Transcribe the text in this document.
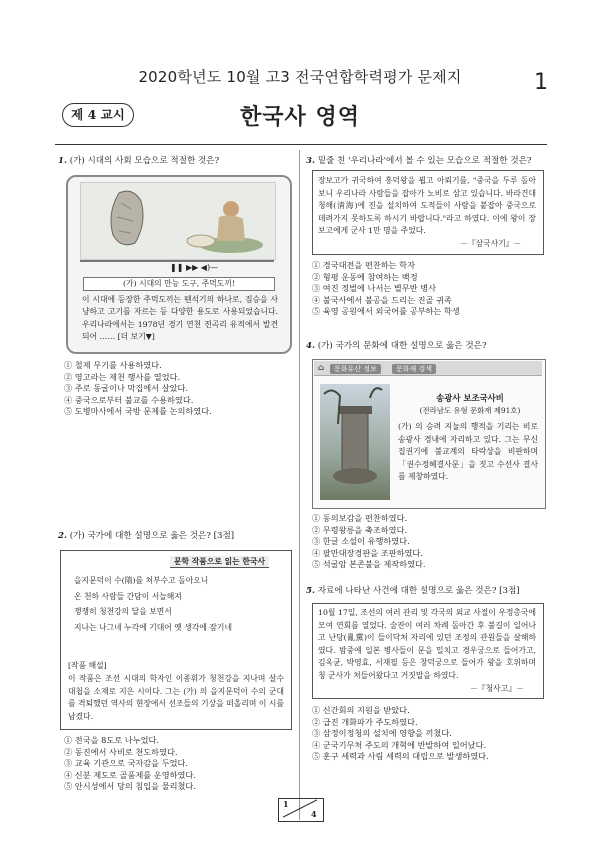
2020학년도 10월 고3 전국연합학력평가 문제지	1
제 4 교시	한국사 영역
1. (가) 시대의 사회 모습으로 적절한 것은?
❚❚ ▶▶ ◀)—
(가) 시대의 만능 도구, 주먹도끼!
이 시대에 등장한 주먹도끼는 뗀석기의 하나로, 짐승을 사냥하고 고기를 자르는 등 다양한 용도로 사용되었습니다. 우리나라에서는 1978년 경기 연천 전곡리 유적에서 발견되어 …… [더 보기▼]
① 철제 무기를 사용하였다.
② 영고라는 제천 행사를 열었다.
③ 주로 동굴이나 막집에서 살았다.
④ 중국으로부터 불교를 수용하였다.
⑤ 도병마사에서 국방 문제를 논의하였다.
2. (가) 국가에 대한 설명으로 옳은 것은? [3점]
문학 작품으로 읽는 한국사
을지문덕이 수(隋)를 쳐부수고 돌아오니
온 천하 사람들 간담이 서늘해져
쟁쟁히 청천강의 달을 보면서
지나는 나그네 누각에 기대어 옛 생각에 잠기네
[작품 해설]
이 작품은 조선 시대의 학자인 이종휘가 청천강을 지나며 살수 대첩을 소재로 지은 시이다. 그는 (가) 의 을지문덕이 수의 군대를 격퇴했던 역사의 현장에서 선조들의 기상을 떠올리며 이 시를 남겼다.
① 전국을 8도로 나누었다.
② 동진에서 사비로 천도하였다.
③ 교육 기관으로 국자감을 두었다.
④ 신분 제도로 골품제를 운영하였다.
⑤ 안시성에서 당의 침입을 물리쳤다.
3. 밑줄 친 '우리나라'에서 볼 수 있는 모습으로 적절한 것은?
장보고가 귀국하여 흥덕왕을 뵙고 아뢰기를, "중국을 두루 돌아보니 우리나라 사람들을 잡아가 노비로 삼고 있습니다. 바라건대 청해(淸海)에 진을 설치하여 도적들이 사람을 붙잡아 중국으로 데려가지 못하도록 하시기 바랍니다."라고 하였다. 이에 왕이 장보고에게 군사 1만 명을 주었다.
－『삼국사기』－
① 경국대전을 편찬하는 학자
② 형평 운동에 참여하는 백정
③ 여진 정벌에 나서는 별무반 병사
④ 불국사에서 불공을 드리는 진골 귀족
⑤ 육영 공원에서 외국어를 공부하는 학생
4. (가) 국가의 문화에 대한 설명으로 옳은 것은?
⌂	문화유산 정보	문화재 검색
송광사 보조국사비
(전라남도 유형 문화재 제91호)
(가) 의 승려 지눌의 행적을 기리는 비로 송광사 경내에 자리하고 있다. 그는 무신 집권기에 불교계의 타락상을 비판하며 「권수정혜결사문」을 짓고 수선사 결사를 제창하였다.
① 동의보감을 편찬하였다.
② 무령왕릉을 축조하였다.
③ 한글 소설이 유행하였다.
④ 팔만대장경판을 조판하였다.
⑤ 석굴암 본존불을 제작하였다.
5. 자료에 나타난 사건에 대한 설명으로 옳은 것은? [3점]
10월 17일, 조선의 여러 관리 및 각국의 외교 사절이 우정총국에 모여 연회를 열었다. 술잔이 여러 차례 돌아간 후 불길이 일어나고 난당(亂黨)이 들이닥쳐 자리에 있던 조정의 관원들을 살해하였다. 밤중에 일본 병사들이 문을 밀치고 경우궁으로 들어가고, 김옥균, 박영효, 서재필 등은 창덕궁으로 들어가 왕을 호위하며 청 군사가 처들어왔다고 거짓말을 하였다.
－『청사고』－
① 신간회의 지원을 받았다.
② 급진 개화파가 주도하였다.
③ 삼정이정청의 설치에 영향을 끼쳤다.
④ 군국기무처 주도의 개혁에 반발하여 일어났다.
⑤ 훈구 세력과 사림 세력의 대립으로 발생하였다.
1
4
